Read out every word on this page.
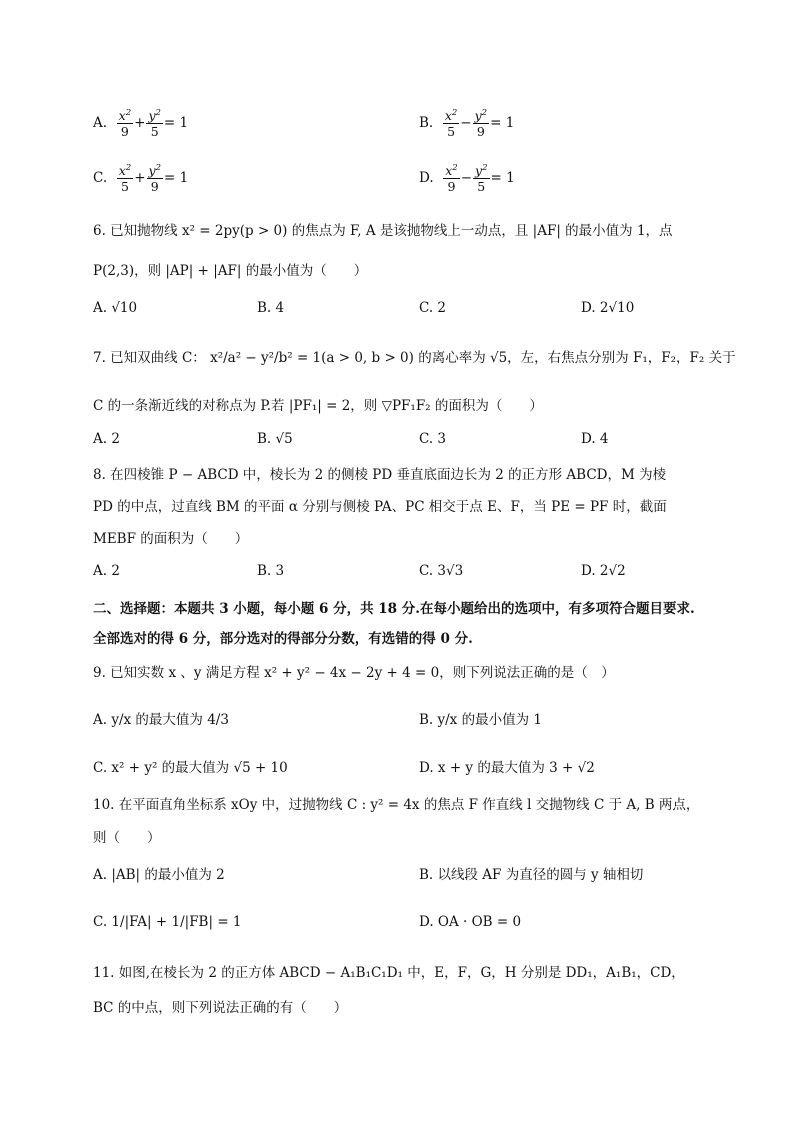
A. $\frac{x^2}{9} + \frac{y^2}{5} = 1$	B. $\frac{x^2}{5} - \frac{y^2}{9} = 1$
C. $\frac{x^2}{5} + \frac{y^2}{9} = 1$	D. $\frac{x^2}{9} - \frac{y^2}{5} = 1$
6. 已知抛物线 x² = 2py(p > 0) 的焦点为 F, A 是该抛物线上一动点，且 |AF| 的最小值为 1，点
P(2,3)，则 |AP| + |AF| 的最小值为（　　）
A. √10	B. 4	C. 2	D. 2√10
7. 已知双曲线 C： x²/a² − y²/b² = 1(a > 0, b > 0) 的离心率为 √5，左，右焦点分别为 F₁，F₂，F₂ 关于
C 的一条渐近线的对称点为 P.若 |PF₁| = 2，则 ▽PF₁F₂ 的面积为（　　）
A. 2	B. √5	C. 3	D. 4
8. 在四棱锥 P − ABCD 中，棱长为 2 的侧棱 PD 垂直底面边长为 2 的正方形 ABCD，M 为棱
PD 的中点，过直线 BM 的平面 α 分别与侧棱 PA、PC 相交于点 E、F，当 PE = PF 时，截面
MEBF 的面积为（　　）
A. 2	B. 3	C. 3√3	D. 2√2
二、选择题：本题共 3 小题，每小题 6 分，共 18 分.在每小题给出的选项中，有多项符合题目要求.
全部选对的得 6 分，部分选对的得部分分数，有选错的得 0 分.
9. 已知实数 x 、y 满足方程 x² + y² − 4x − 2y + 4 = 0，则下列说法正确的是（　）
A. y/x 的最大值为 4/3	B. y/x 的最小值为 1
C. x² + y² 的最大值为 √5 + 10	D. x + y 的最大值为 3 + √2
10. 在平面直角坐标系 xOy 中，过抛物线 C : y² = 4x 的焦点 F 作直线 l 交抛物线 C 于 A, B 两点，
则（　　）
A. |AB| 的最小值为 2	B. 以线段 AF 为直径的圆与 y 轴相切
C. 1/|FA| + 1/|FB| = 1	D. OA · OB = 0
11. 如图,在棱长为 2 的正方体 ABCD − A₁B₁C₁D₁ 中，E，F，G，H 分别是 DD₁，A₁B₁，CD，
BC 的中点，则下列说法正确的有（　　）
